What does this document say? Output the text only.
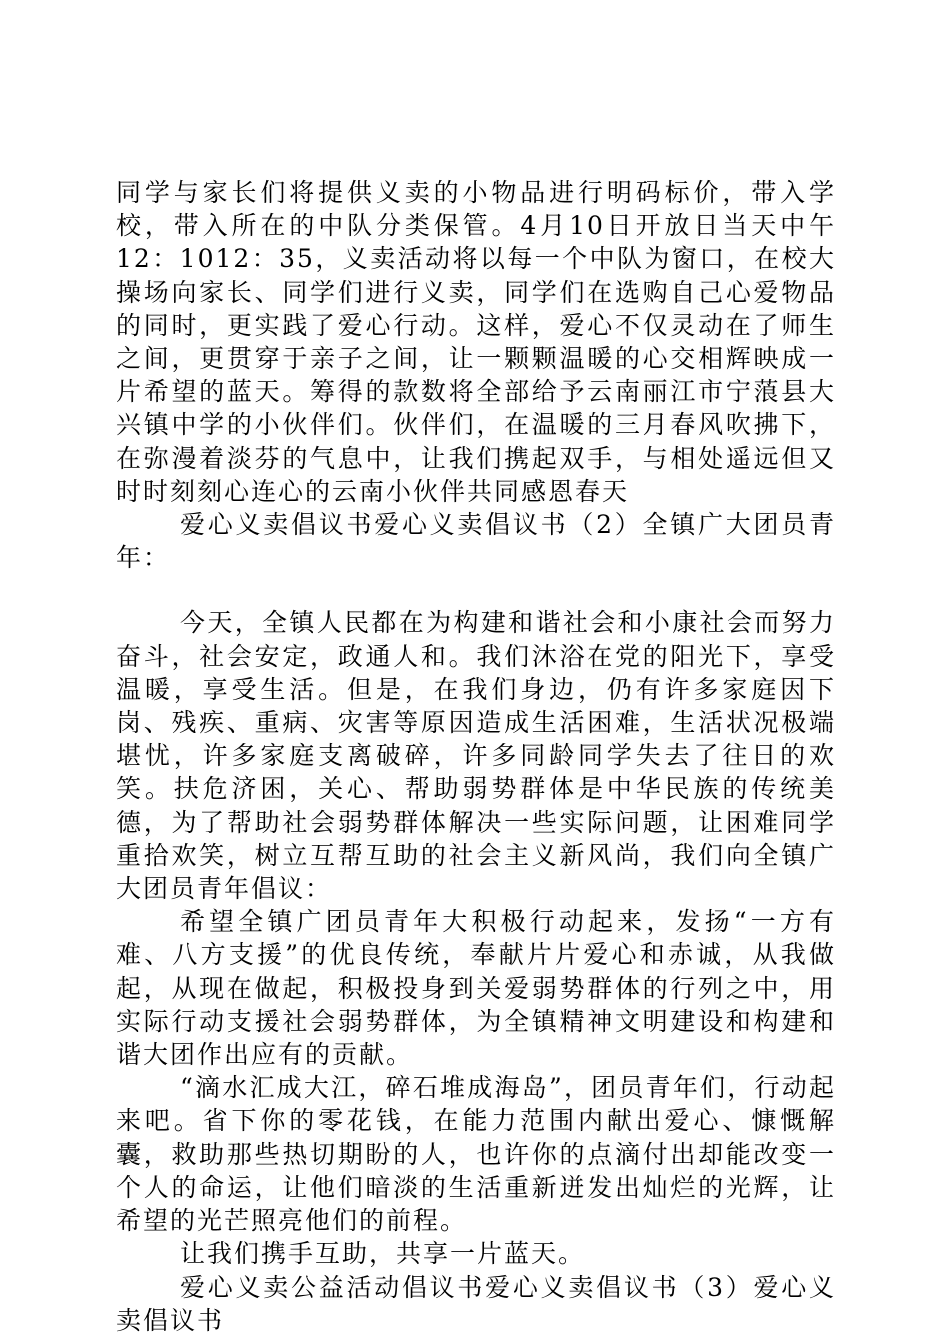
同学与家长们将提供义卖的小物品进行明码标价，带入学校，带入所在的中队分类保管。4月10日开放日当天中午12：1012：35，义卖活动将以每一个中队为窗口，在校大操场向家长、同学们进行义卖，同学们在选购自己心爱物品的同时，更实践了爱心行动。这样，爱心不仅灵动在了师生之间，更贯穿于亲子之间，让一颗颗温暖的心交相辉映成一片希望的蓝天。筹得的款数将全部给予云南丽江市宁蒗县大兴镇中学的小伙伴们。伙伴们，在温暖的三月春风吹拂下，在弥漫着淡芬的气息中，让我们携起双手，与相处遥远但又时时刻刻心连心的云南小伙伴共同感恩春天

爱心义卖倡议书爱心义卖倡议书（2）全镇广大团员青年：

今天，全镇人民都在为构建和谐社会和小康社会而努力奋斗，社会安定，政通人和。我们沐浴在党的阳光下，享受温暖，享受生活。但是，在我们身边，仍有许多家庭因下岗、残疾、重病、灾害等原因造成生活困难，生活状况极端堪忧，许多家庭支离破碎，许多同龄同学失去了往日的欢笑。扶危济困，关心、帮助弱势群体是中华民族的传统美德，为了帮助社会弱势群体解决一些实际问题，让困难同学重拾欢笑，树立互帮互助的社会主义新风尚，我们向全镇广大团员青年倡议：

希望全镇广团员青年大积极行动起来，发扬“一方有难、八方支援”的优良传统，奉献片片爱心和赤诚，从我做起，从现在做起，积极投身到关爱弱势群体的行列之中，用实际行动支援社会弱势群体，为全镇精神文明建设和构建和谐大团作出应有的贡献。

“滴水汇成大江，碎石堆成海岛”，团员青年们，行动起来吧。省下你的零花钱，在能力范围内献出爱心、慷慨解囊，救助那些热切期盼的人，也许你的点滴付出却能改变一个人的命运，让他们暗淡的生活重新迸发出灿烂的光辉，让希望的光芒照亮他们的前程。

让我们携手互助，共享一片蓝天。

爱心义卖公益活动倡议书爱心义卖倡议书（3）爱心义卖倡议书
